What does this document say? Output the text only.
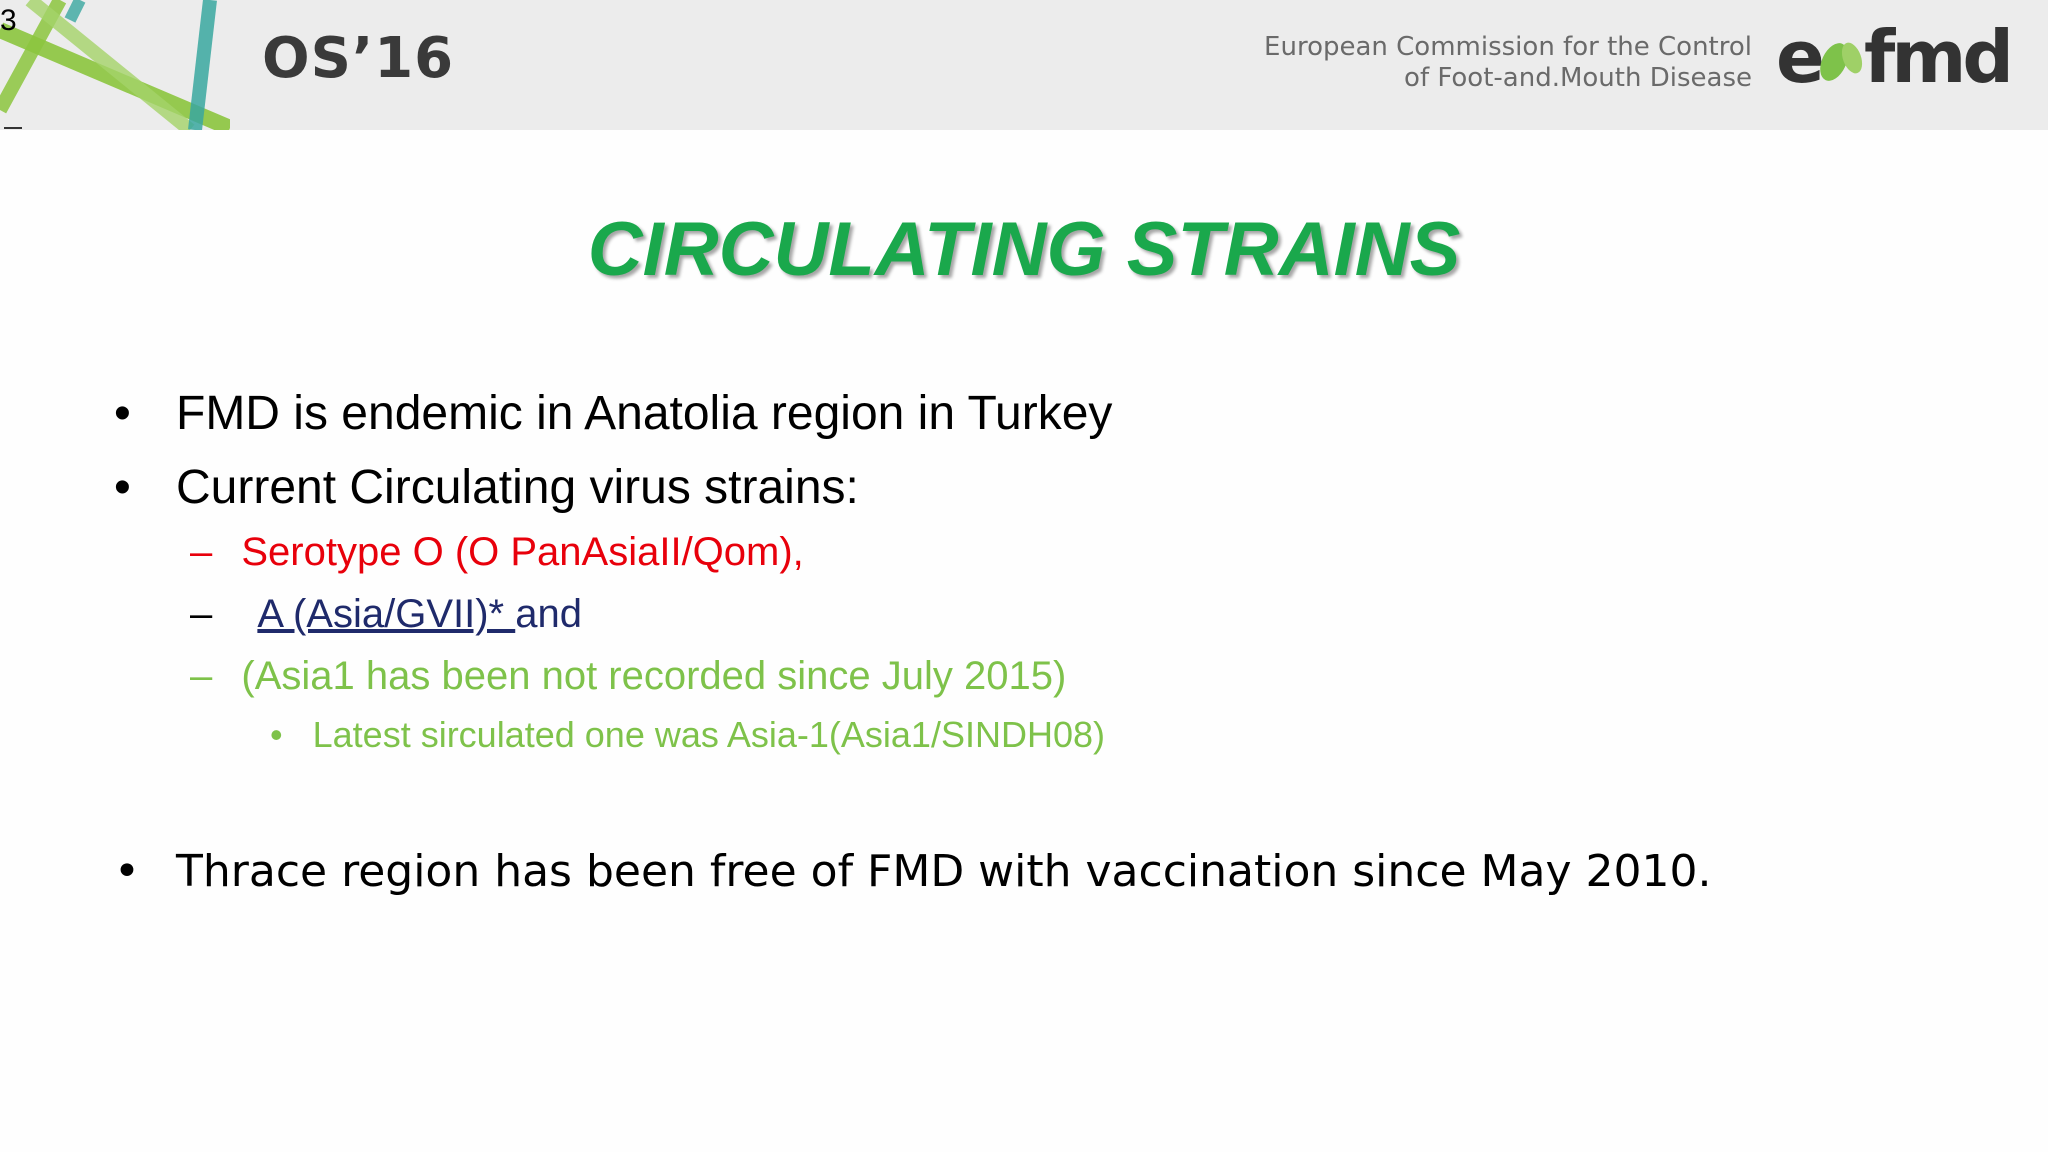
3
OS’16	European Commission for the Control
of Foot-and.Mouth Disease e fmd
CIRCULATING STRAINS
• FMD is endemic in Anatolia region in Turkey
• Current Circulating virus strains:
– Serotype O (O PanAsiaII/Qom),
– A (Asia/GVII)* and
– (Asia1 has been not recorded since July 2015)
• Latest sirculated one was Asia-1(Asia1/SINDH08)
• Thrace region has been free of FMD with vaccination since May 2010.
